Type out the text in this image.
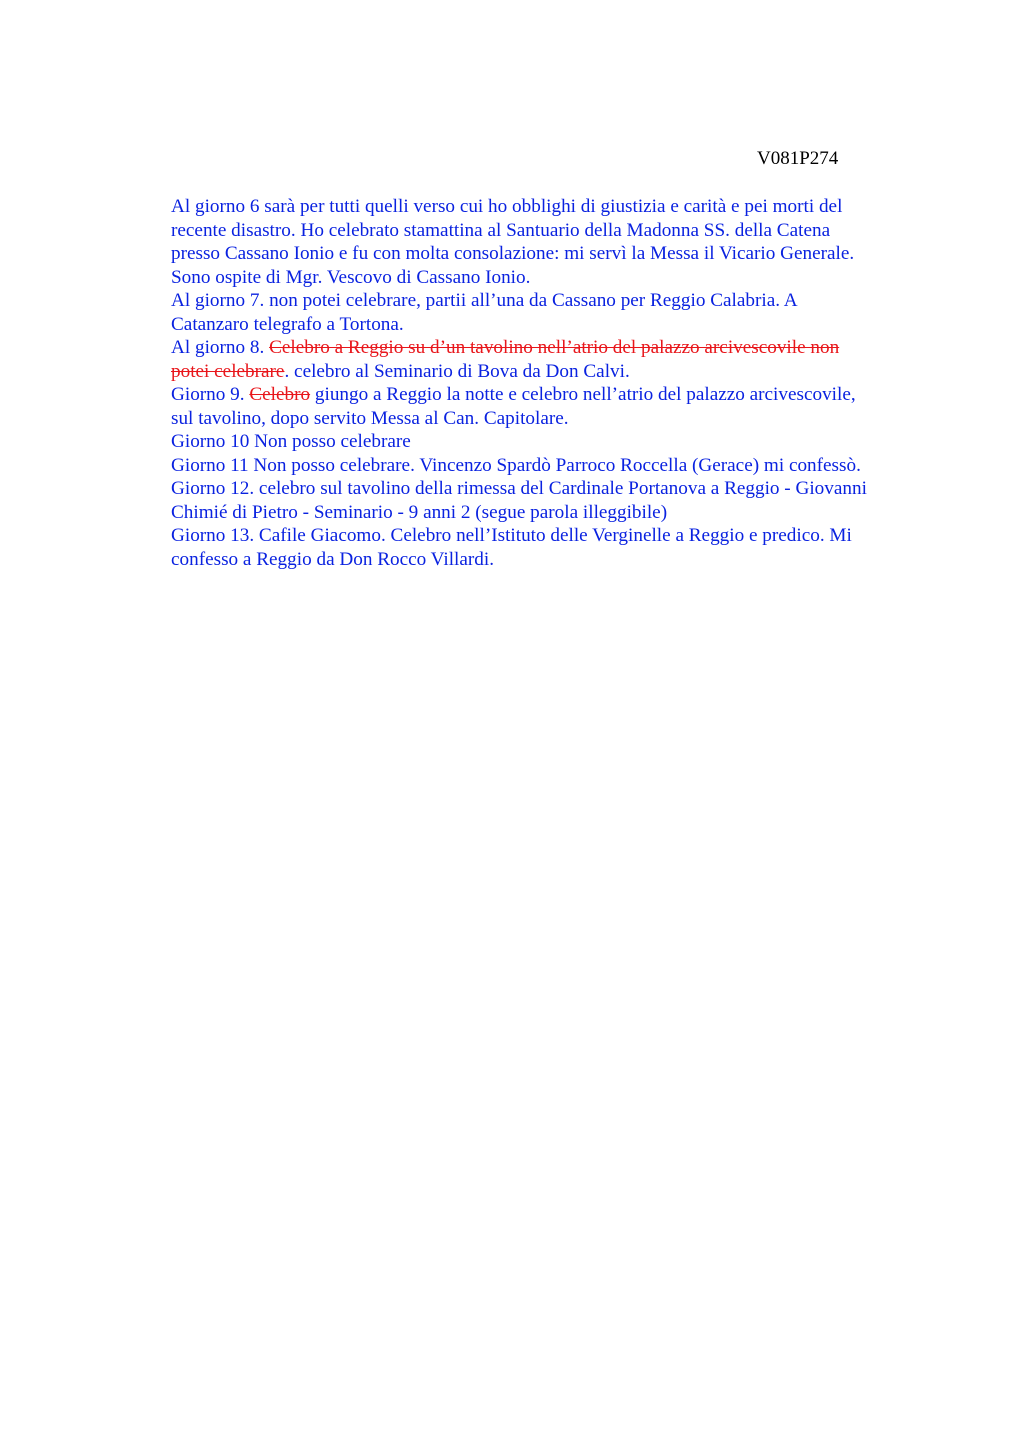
V081P274
Al giorno 6 sarà per tutti quelli verso cui ho obblighi di giustizia e carità e pei morti del
recente disastro. Ho celebrato stamattina al Santuario della Madonna SS. della Catena
presso Cassano Ionio e fu con molta consolazione: mi servì la Messa il Vicario Generale.
Sono ospite di Mgr. Vescovo di Cassano Ionio.
Al giorno 7. non potei celebrare, partii all’una da Cassano per Reggio Calabria. A
Catanzaro telegrafo a Tortona.
Al giorno 8. Celebro a Reggio su d’un tavolino nell’atrio del palazzo arcivescovile non
potei celebrare. celebro al Seminario di Bova da Don Calvi.
Giorno 9. Celebro giungo a Reggio la notte e celebro nell’atrio del palazzo arcivescovile,
sul tavolino, dopo servito Messa al Can. Capitolare.
Giorno 10 Non posso celebrare
Giorno 11 Non posso celebrare. Vincenzo Spardò Parroco Roccella (Gerace) mi confessò.
Giorno 12. celebro sul tavolino della rimessa del Cardinale Portanova a Reggio - Giovanni
Chimié di Pietro - Seminario - 9 anni 2 (segue parola illeggibile)
Giorno 13. Cafile Giacomo. Celebro nell’Istituto delle Verginelle a Reggio e predico. Mi
confesso a Reggio da Don Rocco Villardi.
